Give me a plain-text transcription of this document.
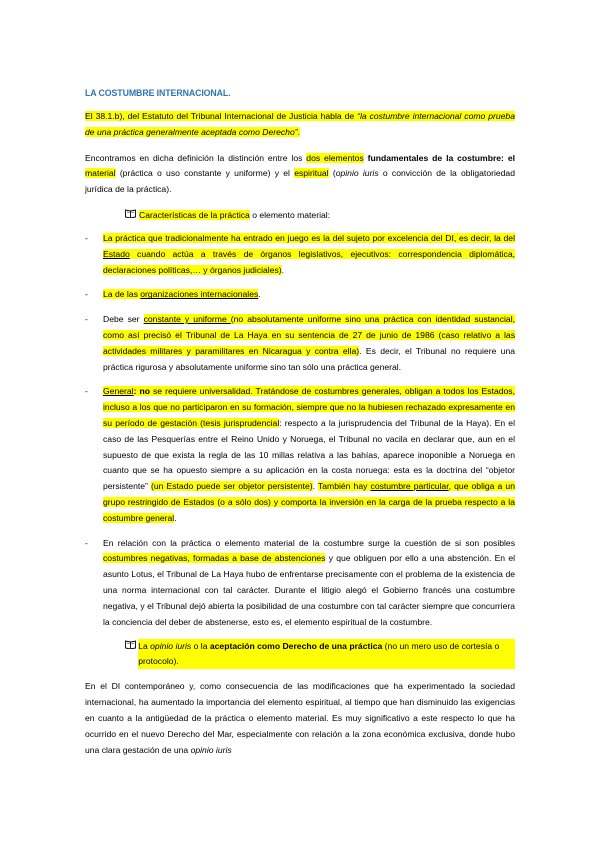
LA COSTUMBRE INTERNACIONAL.

El 38.1.b), del Estatuto del Tribunal Internacional de Justicia habla de “la costumbre internacional como prueba de una práctica generalmente aceptada como Derecho”.

Encontramos en dicha definición la distinción entre los dos elementos fundamentales de la costumbre: el material (práctica o uso constante y uniforme) y el espiritual (opinio iuris o convicción de la obligatoriedad jurídica de la práctica).

Características de la práctica o elemento material:
- La práctica que tradicionalmente ha entrado en juego es la del sujeto por excelencia del DI, es decir, la del Estado cuando actúa a través de órganos legislativos, ejecutivos: correspondencia diplomática, declaraciones políticas,… y órganos judiciales).
- La de las organizaciones internacionales.
- Debe ser constante y uniforme (no absolutamente uniforme sino una práctica con identidad sustancial, como así precisó el Tribunal de La Haya en su sentencia de 27 de junio de 1986 (caso relativo a las actividades militares y paramilitares en Nicaragua y contra ella). Es decir, el Tribunal no requiere una práctica rigurosa y absolutamente uniforme sino tan sólo una práctica general.
- General: no se requiere universalidad. Tratándose de costumbres generales, obligan a todos los Estados, incluso a los que no participaron en su formación, siempre que no la hubiesen rechazado expresamente en su período de gestación (tesis jurisprudencial: respecto a la jurisprudencia del Tribunal de la Haya). En el caso de las Pesquerías entre el Reino Unido y Noruega, el Tribunal no vacila en declarar que, aun en el supuesto de que exista la regla de las 10 millas relativa a las bahías, aparece inoponible a Noruega en cuanto que se ha opuesto siempre a su aplicación en la costa noruega: esta es la doctrina del “objetor persistente” (un Estado puede ser objetor persistente). También hay costumbre particular, que obliga a un grupo restringido de Estados (o a sólo dos) y comporta la inversión en la carga de la prueba respecto a la costumbre general.
- En relación con la práctica o elemento material de la costumbre surge la cuestión de si son posibles costumbres negativas, formadas a base de abstenciones y que obliguen por ello a una abstención. En el asunto Lotus, el Tribunal de La Haya hubo de enfrentarse precisamente con el problema de la existencia de una norma internacional con tal carácter. Durante el litigio alegó el Gobierno francés una costumbre negativa, y el Tribunal dejó abierta la posibilidad de una costumbre con tal carácter siempre que concurriera la conciencia del deber de abstenerse, esto es, el elemento espiritual de la costumbre.
La opinio iuris o la aceptación como Derecho de una práctica (no un mero uso de cortesía o protocolo).

En el DI contemporáneo y, como consecuencia de las modificaciones que ha experimentado la sociedad internacional, ha aumentado la importancia del elemento espiritual, al tiempo que han disminuido las exigencias en cuanto a la antigüedad de la práctica o elemento material. Es muy significativo a este respecto lo que ha ocurrido en el nuevo Derecho del Mar, especialmente con relación a la zona económica exclusiva, donde hubo una clara gestación de una opinio iuris
